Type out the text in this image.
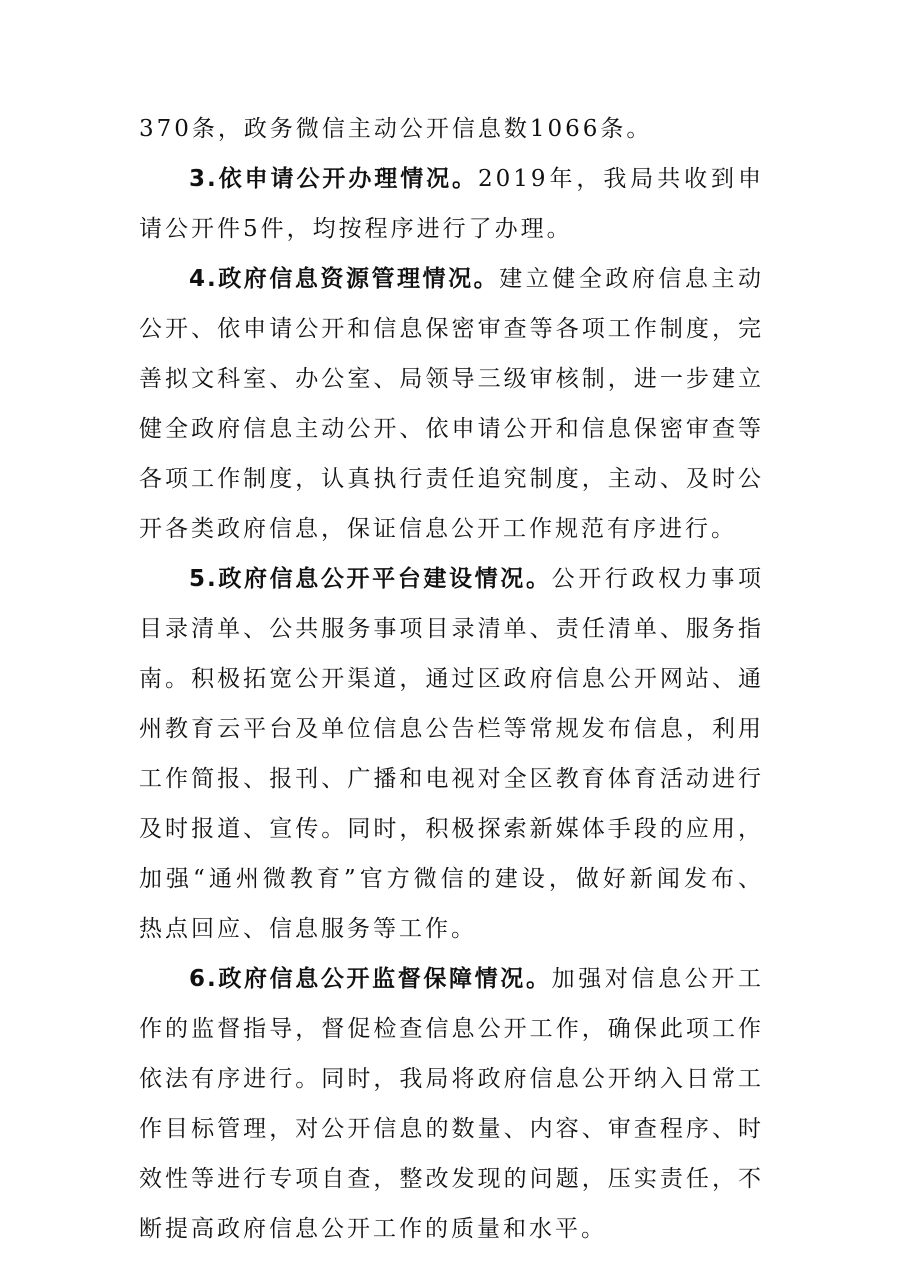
370条，政务微信主动公开信息数1066条。

3.依申请公开办理情况。2019年，我局共收到申请公开件5件，均按程序进行了办理。

4.政府信息资源管理情况。建立健全政府信息主动公开、依申请公开和信息保密审查等各项工作制度，完善拟文科室、办公室、局领导三级审核制，进一步建立健全政府信息主动公开、依申请公开和信息保密审查等各项工作制度，认真执行责任追究制度，主动、及时公开各类政府信息，保证信息公开工作规范有序进行。

5.政府信息公开平台建设情况。公开行政权力事项目录清单、公共服务事项目录清单、责任清单、服务指南。积极拓宽公开渠道，通过区政府信息公开网站、通州教育云平台及单位信息公告栏等常规发布信息，利用工作简报、报刊、广播和电视对全区教育体育活动进行及时报道、宣传。同时，积极探索新媒体手段的应用，加强“通州微教育”官方微信的建设，做好新闻发布、热点回应、信息服务等工作。

6.政府信息公开监督保障情况。加强对信息公开工作的监督指导，督促检查信息公开工作，确保此项工作依法有序进行。同时，我局将政府信息公开纳入日常工作目标管理，对公开信息的数量、内容、审查程序、时效性等进行专项自查，整改发现的问题，压实责任，不断提高政府信息公开工作的质量和水平。
